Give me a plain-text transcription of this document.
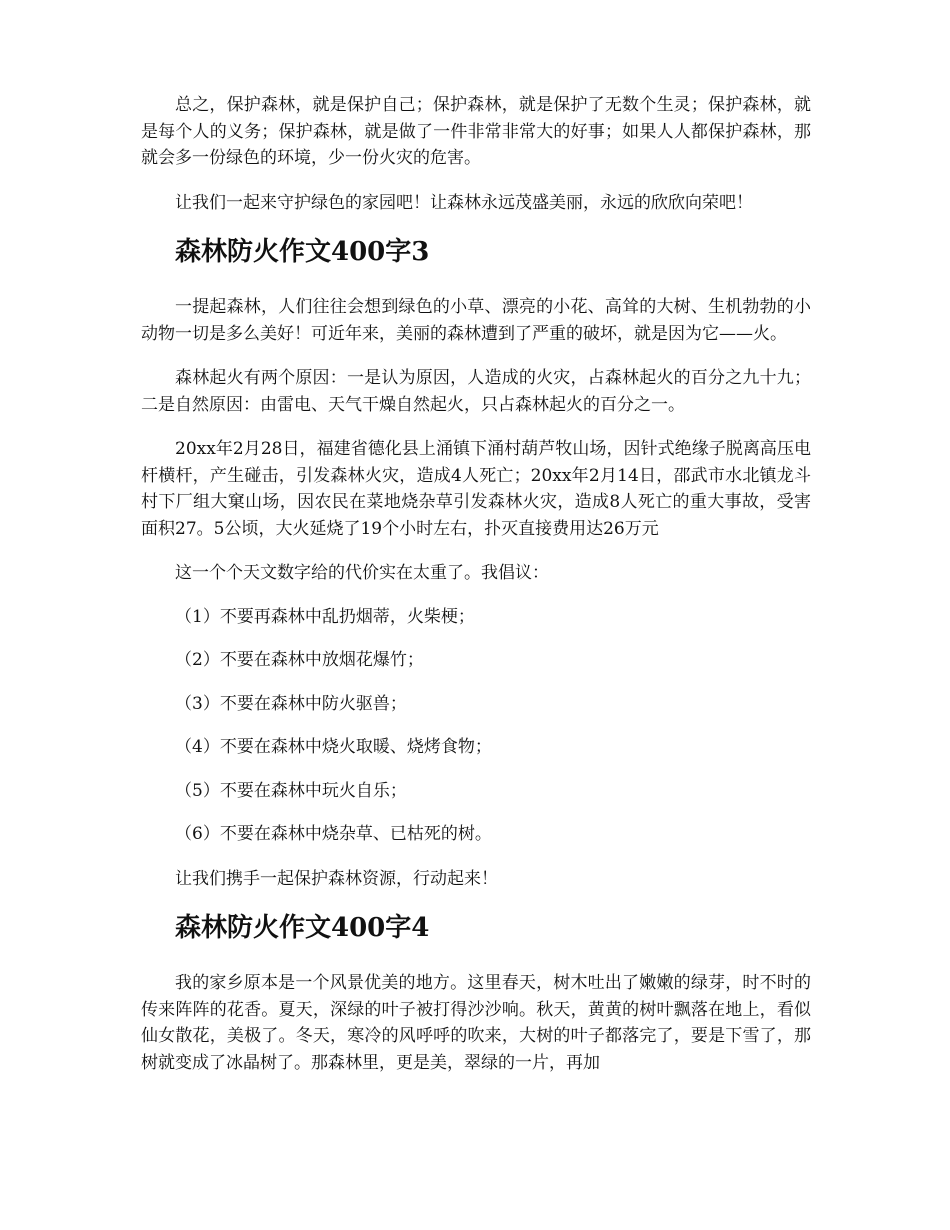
总之，保护森林，就是保护自己；保护森林，就是保护了无数个生灵；保护森林，就是每个人的义务；保护森林，就是做了一件非常非常大的好事；如果人人都保护森林，那就会多一份绿色的环境，少一份火灾的危害。

让我们一起来守护绿色的家园吧！让森林永远茂盛美丽，永远的欣欣向荣吧！

森林防火作文400字3

一提起森林，人们往往会想到绿色的小草、漂亮的小花、高耸的大树、生机勃勃的小动物一切是多么美好！可近年来，美丽的森林遭到了严重的破坏，就是因为它——火。

森林起火有两个原因：一是认为原因，人造成的火灾，占森林起火的百分之九十九；二是自然原因：由雷电、天气干燥自然起火，只占森林起火的百分之一。

20xx年2月28日，福建省德化县上涌镇下涌村葫芦牧山场，因针式绝缘子脱离高压电杆横杆，产生碰击，引发森林火灾，造成4人死亡；20xx年2月14日，邵武市水北镇龙斗村下厂组大窠山场，因农民在菜地烧杂草引发森林火灾，造成8人死亡的重大事故，受害面积27。5公顷，大火延烧了19个小时左右，扑灭直接费用达26万元

这一个个天文数字给的代价实在太重了。我倡议：

（1）不要再森林中乱扔烟蒂，火柴梗；

（2）不要在森林中放烟花爆竹；

（3）不要在森林中防火驱兽；

（4）不要在森林中烧火取暖、烧烤食物；

（5）不要在森林中玩火自乐；

（6）不要在森林中烧杂草、已枯死的树。

让我们携手一起保护森林资源，行动起来！

森林防火作文400字4

我的家乡原本是一个风景优美的地方。这里春天，树木吐出了嫩嫩的绿芽，时不时的传来阵阵的花香。夏天，深绿的叶子被打得沙沙响。秋天，黄黄的树叶飘落在地上，看似仙女散花，美极了。冬天，寒冷的风呼呼的吹来，大树的叶子都落完了，要是下雪了，那树就变成了冰晶树了。那森林里，更是美，翠绿的一片，再加
